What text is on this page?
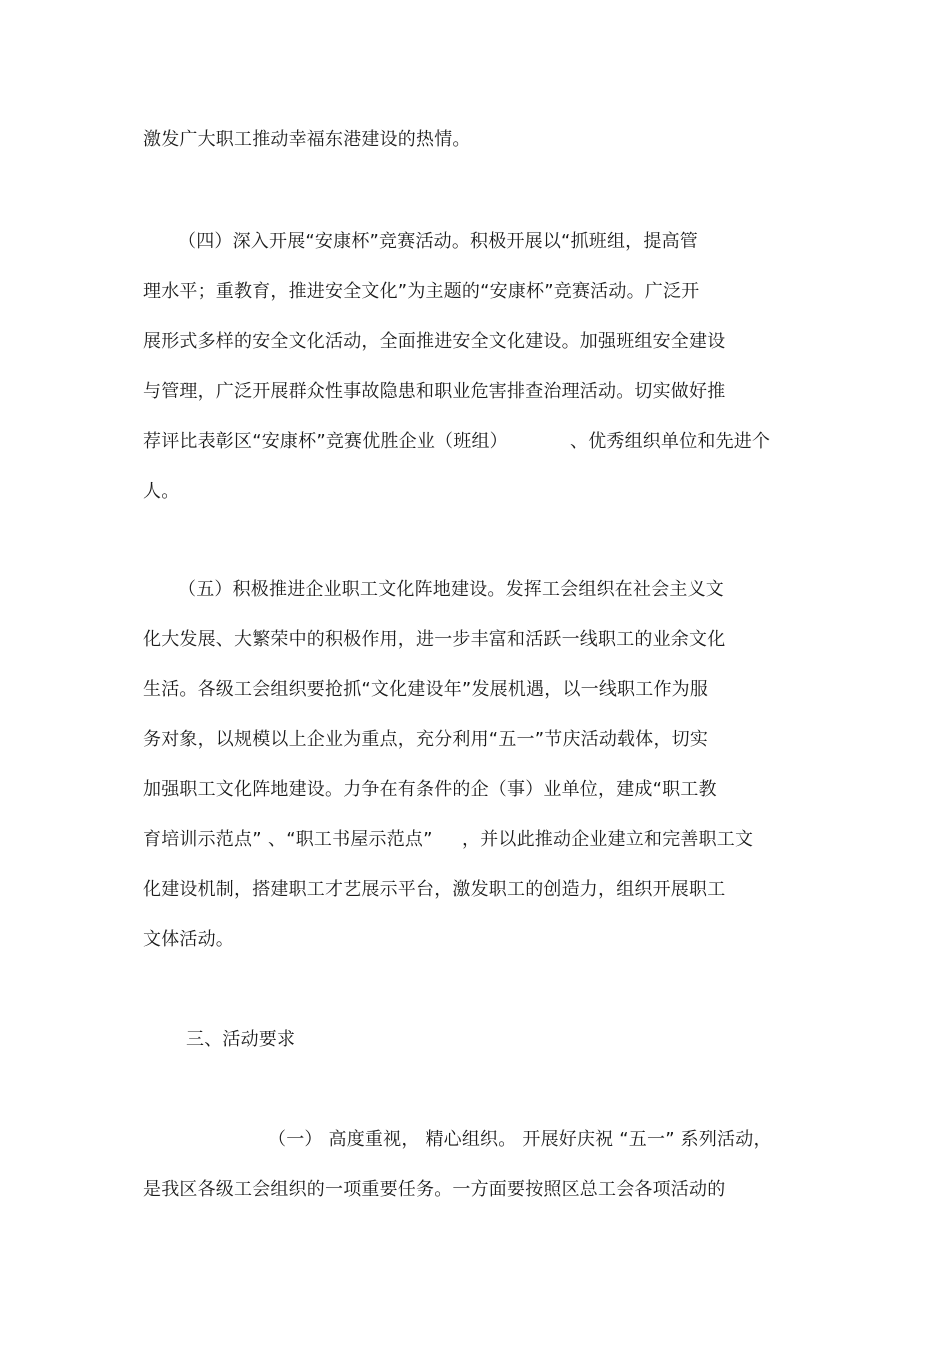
激发广大职工推动幸福东港建设的热情。
（四）深入开展“安康杯”竞赛活动。积极开展以“抓班组，提高管
理水平；重教育，推进安全文化”为主题的“安康杯”竞赛活动。广泛开
展形式多样的安全文化活动，全面推进安全文化建设。加强班组安全建设
与管理，广泛开展群众性事故隐患和职业危害排查治理活动。切实做好推
荐评比表彰区“安康杯”竞赛优胜企业（班组）	、优秀组织单位和先进个
人。
（五）积极推进企业职工文化阵地建设。发挥工会组织在社会主义文
化大发展、大繁荣中的积极作用，进一步丰富和活跃一线职工的业余文化
生活。各级工会组织要抢抓“文化建设年”发展机遇，以一线职工作为服
务对象，以规模以上企业为重点，充分利用“五一”节庆活动载体，切实
加强职工文化阵地建设。力争在有条件的企（事）业单位，建成“职工教
育培训示范点” 、“职工书屋示范点” ，并以此推动企业建立和完善职工文
化建设机制，搭建职工才艺展示平台，激发职工的创造力，组织开展职工
文体活动。
三、活动要求
（一） 高度重视， 精心组织。 开展好庆祝 “五一” 系列活动，
是我区各级工会组织的一项重要任务。一方面要按照区总工会各项活动的
